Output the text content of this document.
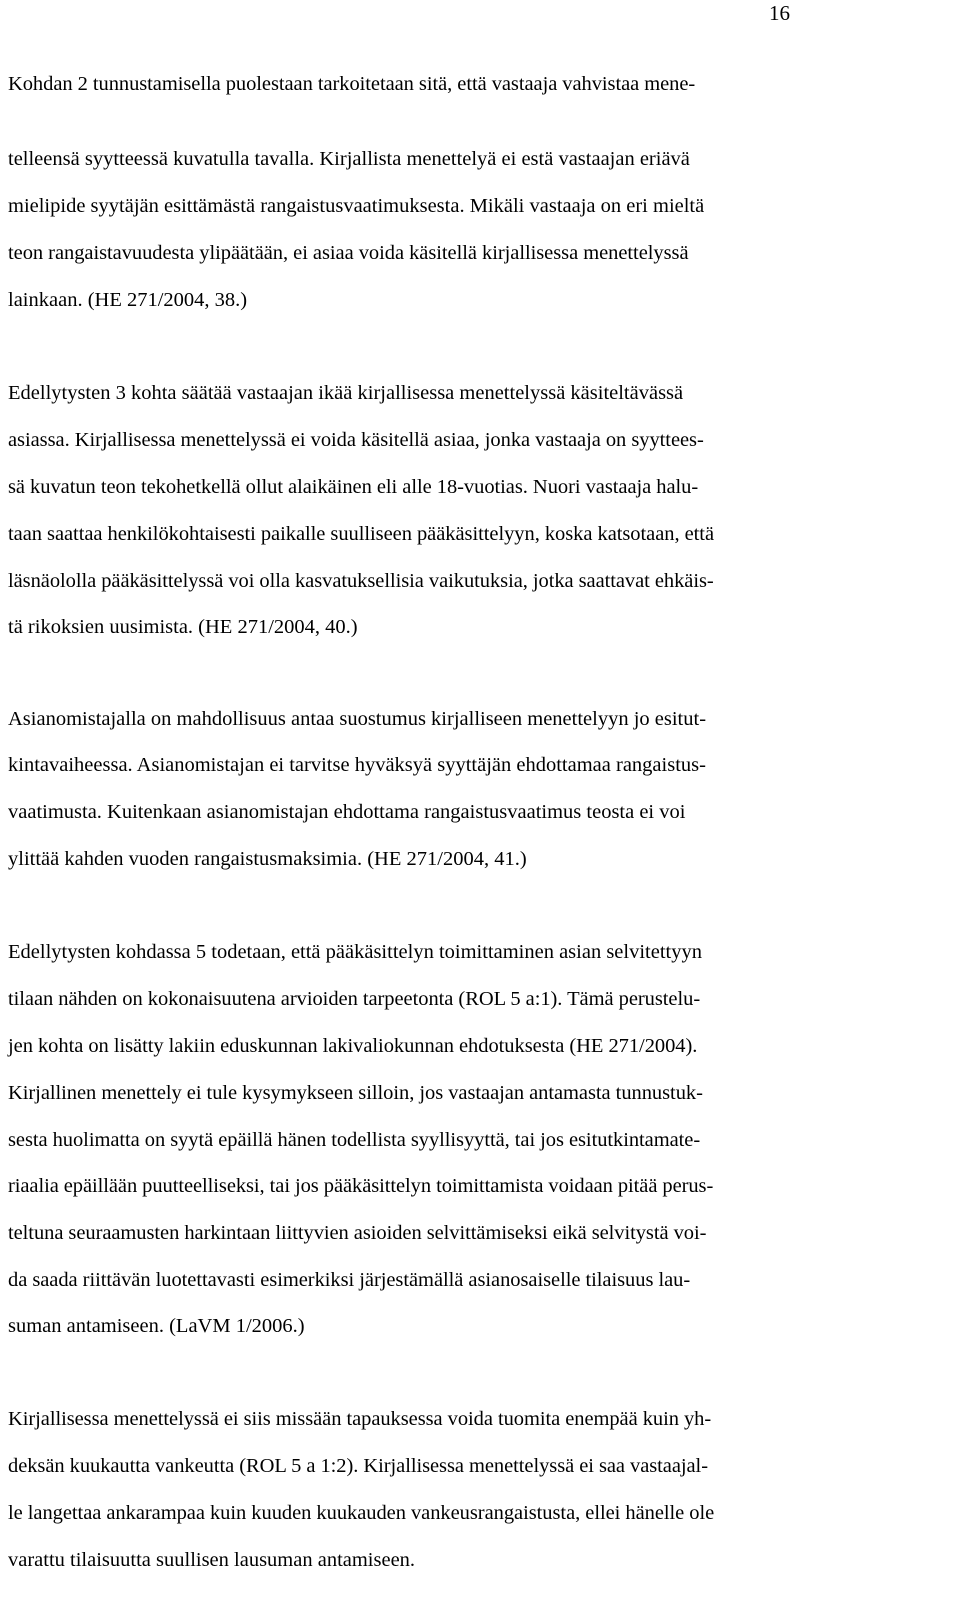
16
Kohdan 2 tunnustamisella puolestaan tarkoitetaan sitä, että vastaaja vahvistaa mene-
telleensä syytteessä kuvatulla tavalla. Kirjallista menettelyä ei estä vastaajan eriävä
mielipide syytäjän esittämästä rangaistusvaatimuksesta. Mikäli vastaaja on eri mieltä
teon rangaistavuudesta ylipäätään, ei asiaa voida käsitellä kirjallisessa menettelyssä
lainkaan. (HE 271/2004, 38.)
Edellytysten 3 kohta säätää vastaajan ikää kirjallisessa menettelyssä käsiteltävässä
asiassa. Kirjallisessa menettelyssä ei voida käsitellä asiaa, jonka vastaaja on syyttees-
sä kuvatun teon tekohetkellä ollut alaikäinen eli alle 18-vuotias. Nuori vastaaja halu-
taan saattaa henkilökohtaisesti paikalle suulliseen pääkäsittelyyn, koska katsotaan, että
läsnäololla pääkäsittelyssä voi olla kasvatuksellisia vaikutuksia, jotka saattavat ehkäis-
tä rikoksien uusimista. (HE 271/2004, 40.)
Asianomistajalla on mahdollisuus antaa suostumus kirjalliseen menettelyyn jo esitut-
kintavaiheessa. Asianomistajan ei tarvitse hyväksyä syyttäjän ehdottamaa rangaistus-
vaatimusta. Kuitenkaan asianomistajan ehdottama rangaistusvaatimus teosta ei voi
ylittää kahden vuoden rangaistusmaksimia. (HE 271/2004, 41.)
Edellytysten kohdassa 5 todetaan, että pääkäsittelyn toimittaminen asian selvitettyyn
tilaan nähden on kokonaisuutena arvioiden tarpeetonta (ROL 5 a:1). Tämä perustelu-
jen kohta on lisätty lakiin eduskunnan lakivaliokunnan ehdotuksesta (HE 271/2004).
Kirjallinen menettely ei tule kysymykseen silloin, jos vastaajan antamasta tunnustuk-
sesta huolimatta on syytä epäillä hänen todellista syyllisyyttä, tai jos esitutkintamate-
riaalia epäillään puutteelliseksi, tai jos pääkäsittelyn toimittamista voidaan pitää perus-
teltuna seuraamusten harkintaan liittyvien asioiden selvittämiseksi eikä selvitystä voi-
da saada riittävän luotettavasti esimerkiksi järjestämällä asianosaiselle tilaisuus lau-
suman antamiseen. (LaVM 1/2006.)
Kirjallisessa menettelyssä ei siis missään tapauksessa voida tuomita enempää kuin yh-
deksän kuukautta vankeutta (ROL 5 a 1:2). Kirjallisessa menettelyssä ei saa vastaajal-
le langettaa ankarampaa kuin kuuden kuukauden vankeusrangaistusta, ellei hänelle ole
varattu tilaisuutta suullisen lausuman antamiseen.
